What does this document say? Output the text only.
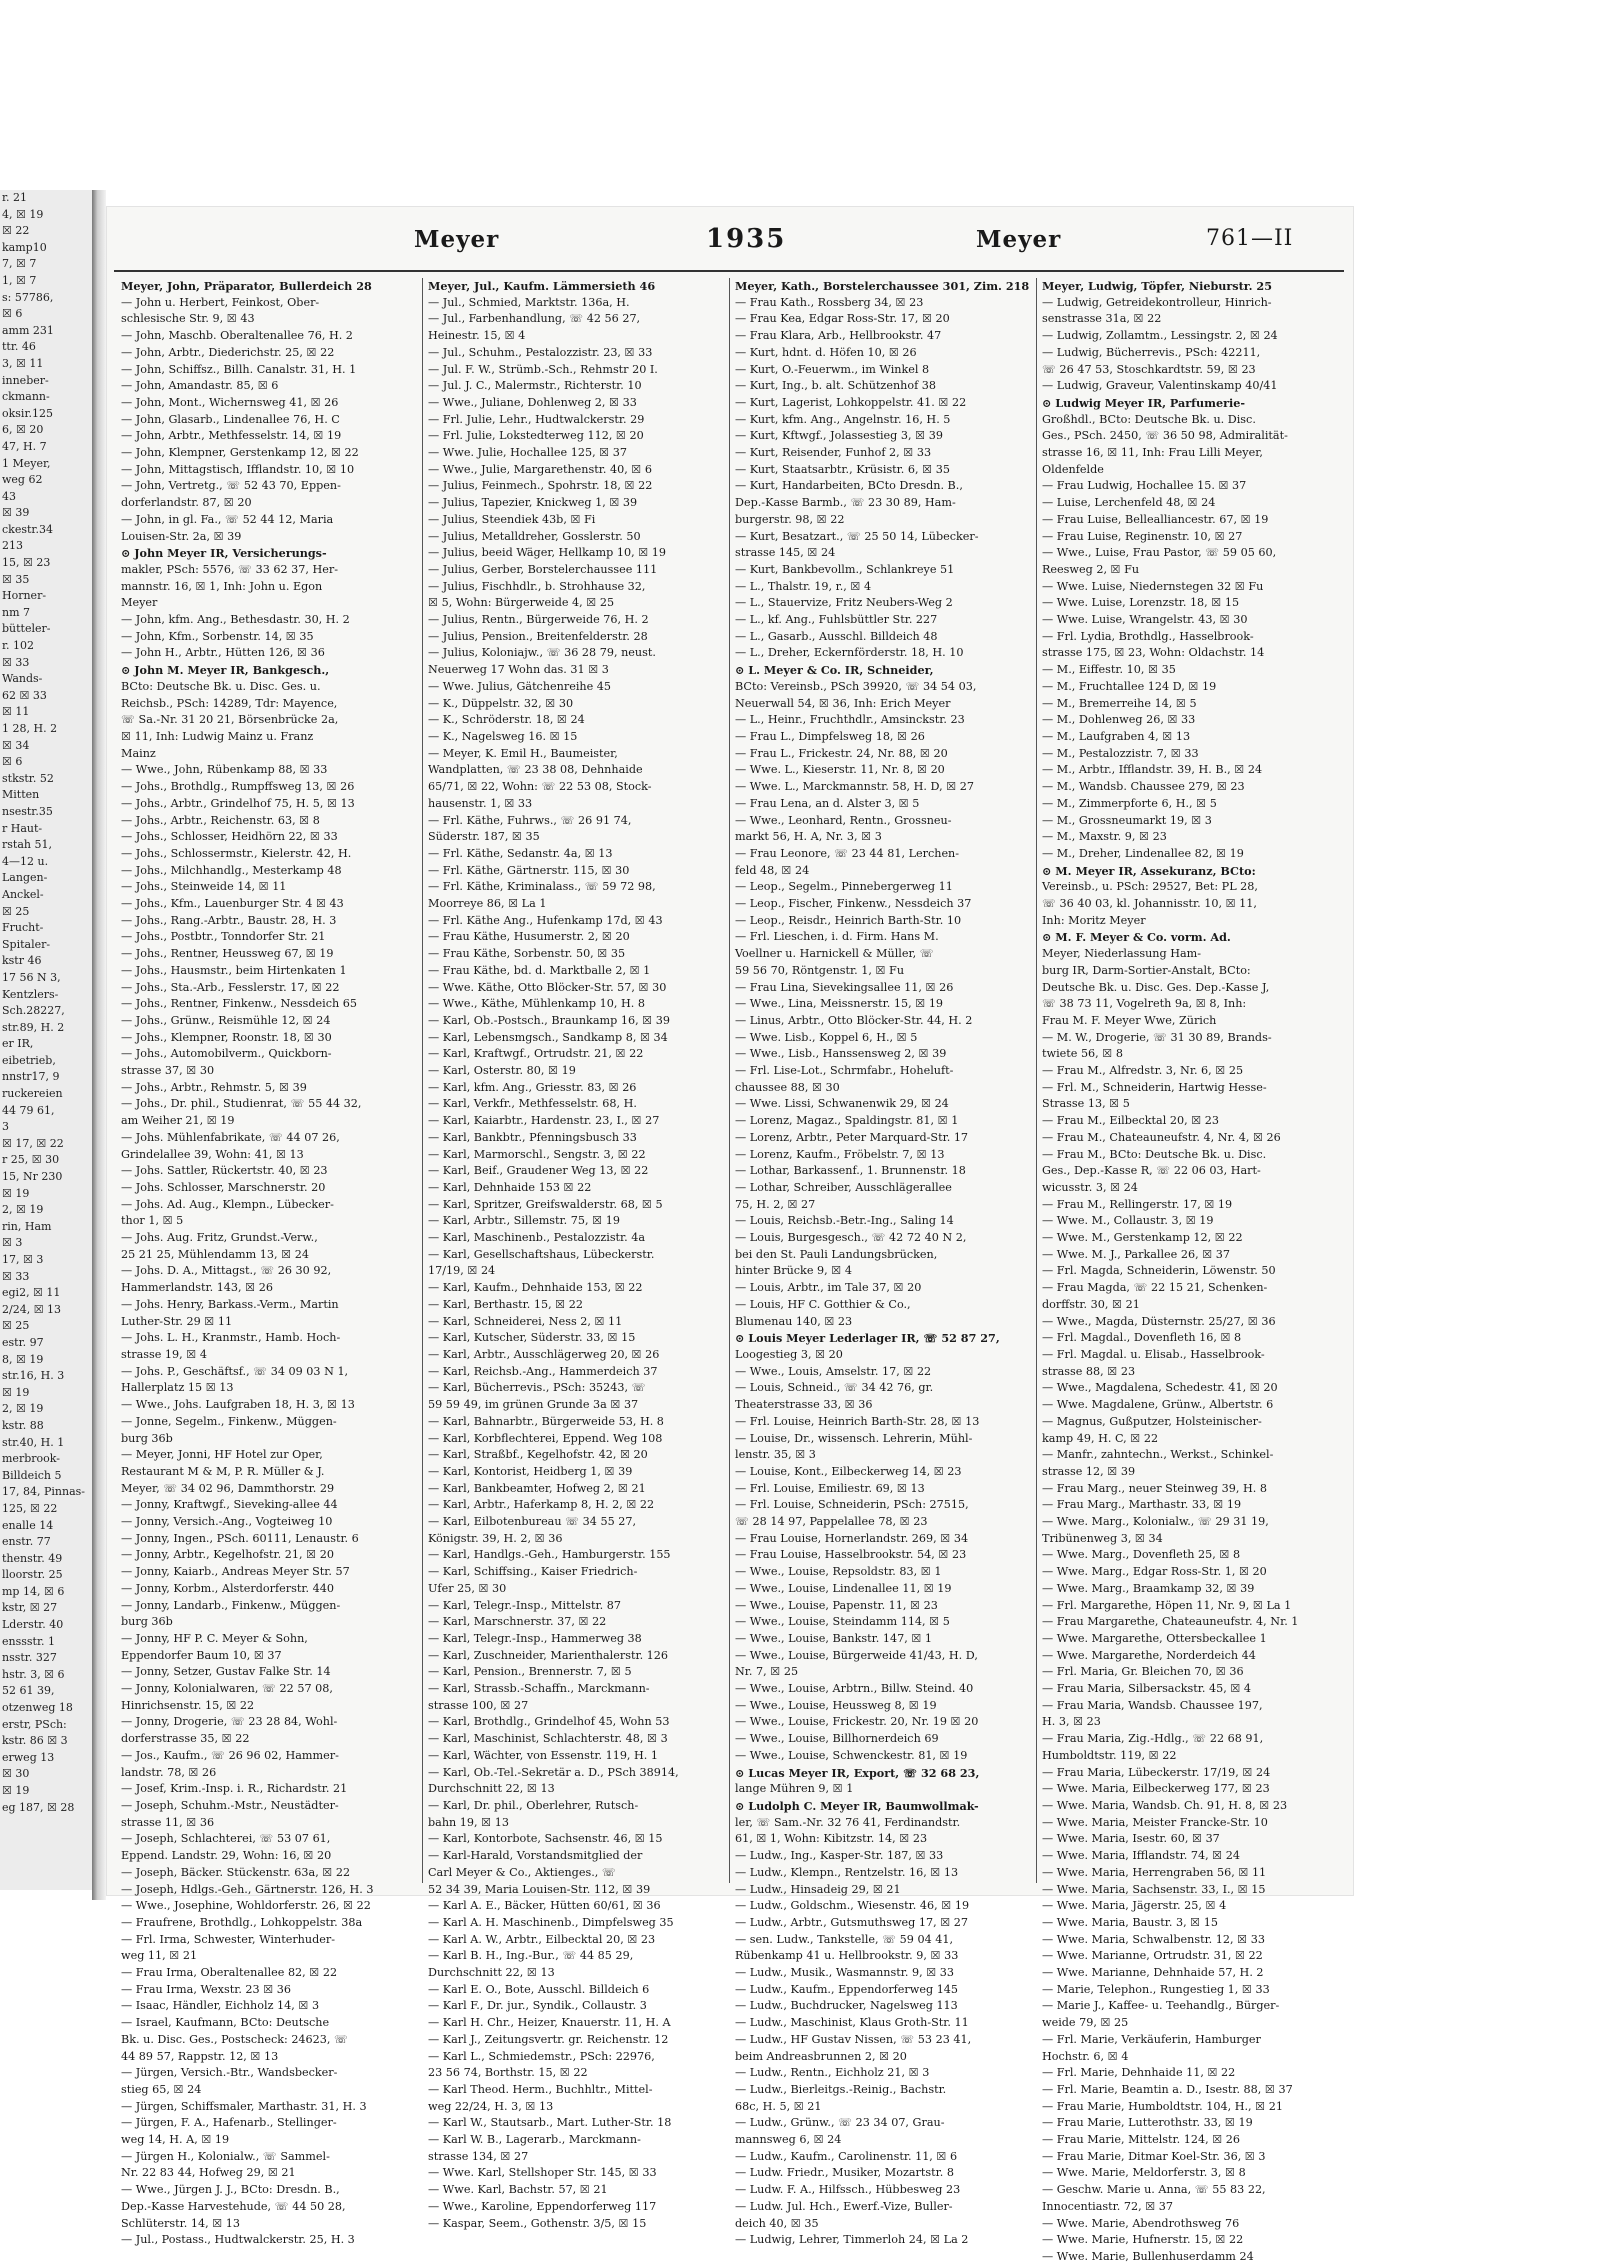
r. 21
4, ☒ 19
☒ 22
kamp10
7, ☒ 7
1, ☒ 7
s: 57786,
☒ 6
amm 231
ttr. 46
3, ☒ 11
inneber-
ckmann-
oksir.125
6, ☒ 20
47, H. 7
1 Meyer,
weg 62
43
☒ 39
ckestr.34
213
15, ☒ 23
☒ 35
Horner-
nm 7
bütteler-
r. 102
☒ 33
Wands-
62 ☒ 33
☒ 11
1 28, H. 2
☒ 34
☒ 6
stkstr. 52
Mitten
nsestr.35
r Haut-
rstah 51,
4—12 u.
Langen-
Anckel-
☒ 25
Frucht-
Spitaler-
kstr 46
17 56 N 3,
Kentzlers-
Sch.28227,
str.89, H. 2
er IR,
eibetrieb,
nnstr17, 9
ruckereien
44 79 61,
3
☒ 17, ☒ 22
r 25, ☒ 30
15, Nr 230
☒ 19
2, ☒ 19
rin, Ham
☒ 3
17, ☒ 3
☒ 33
egi2, ☒ 11
2/24, ☒ 13
☒ 25
estr. 97
8, ☒ 19
str.16, H. 3
☒ 19
2, ☒ 19
kstr. 88
str.40, H. 1
merbrook-
Billdeich 5
17, 84, Pinnas-
125, ☒ 22
enalle 14
enstr. 77
thenstr. 49
lloorstr. 25
mp 14, ☒ 6
kstr, ☒ 27
Lderstr. 40
enssstr. 1
nsstr. 327
hstr. 3, ☒ 6
52 61 39,
otzenweg 18
erstr, PSch:
kstr. 86 ☒ 3
erweg 13
☒ 30
☒ 19
eg 187, ☒ 28
Meyer	1935	Meyer	761—II
Meyer, John, Präparator, Bullerdeich 28
— John u. Herbert, Feinkost, Ober-
schlesische Str. 9, ☒ 43
— John, Maschb. Oberaltenallee 76, H. 2
— John, Arbtr., Diederichstr. 25, ☒ 22
— John, Schiffsz., Billh. Canalstr. 31, H. 1
— John, Amandastr. 85, ☒ 6
— John, Mont., Wichernsweg 41, ☒ 26
— John, Glasarb., Lindenallee 76, H. C
— John, Arbtr., Methfesselstr. 14, ☒ 19
— John, Klempner, Gerstenkamp 12, ☒ 22
— John, Mittagstisch, Ifflandstr. 10, ☒ 10
— John, Vertretg., ☏ 52 43 70, Eppen-
dorferlandstr. 87, ☒ 20
— John, in gl. Fa., ☏ 52 44 12, Maria
Louisen-Str. 2a, ☒ 39
⊙ John Meyer IR, Versicherungs-
makler, PSch: 5576, ☏ 33 62 37, Her-
mannstr. 16, ☒ 1, Inh: John u. Egon
Meyer
— John, kfm. Ang., Bethesdastr. 30, H. 2
— John, Kfm., Sorbenstr. 14, ☒ 35
— John H., Arbtr., Hütten 126, ☒ 36
⊙ John M. Meyer IR, Bankgesch.,
BCto: Deutsche Bk. u. Disc. Ges. u.
Reichsb., PSch: 14289, Tdr: Mayence,
☏ Sa.-Nr. 31 20 21, Börsenbrücke 2a,
☒ 11, Inh: Ludwig Mainz u. Franz
Mainz
— Wwe., John, Rübenkamp 88, ☒ 33
— Johs., Brothdlg., Rumpffsweg 13, ☒ 26
— Johs., Arbtr., Grindelhof 75, H. 5, ☒ 13
— Johs., Arbtr., Reichenstr. 63, ☒ 8
— Johs., Schlosser, Heidhörn 22, ☒ 33
— Johs., Schlossermstr., Kielerstr. 42, H.
— Johs., Milchhandlg., Mesterkamp 48
— Johs., Steinweide 14, ☒ 11
— Johs., Kfm., Lauenburger Str. 4 ☒ 43
— Johs., Rang.-Arbtr., Baustr. 28, H. 3
— Johs., Postbtr., Tonndorfer Str. 21
— Johs., Rentner, Heussweg 67, ☒ 19
— Johs., Hausmstr., beim Hirtenkaten 1
— Johs., Sta.-Arb., Fesslerstr. 17, ☒ 22
— Johs., Rentner, Finkenw., Nessdeich 65
— Johs., Grünw., Reismühle 12, ☒ 24
— Johs., Klempner, Roonstr. 18, ☒ 30
— Johs., Automobilverm., Quickborn-
strasse 37, ☒ 30
— Johs., Arbtr., Rehmstr. 5, ☒ 39
— Johs., Dr. phil., Studienrat, ☏ 55 44 32,
am Weiher 21, ☒ 19
— Johs. Mühlenfabrikate, ☏ 44 07 26,
Grindelallee 39, Wohn: 41, ☒ 13
— Johs. Sattler, Rückertstr. 40, ☒ 23
— Johs. Schlosser, Marschnerstr. 20
— Johs. Ad. Aug., Klempn., Lübecker-
thor 1, ☒ 5
— Johs. Aug. Fritz, Grundst.-Verw.,
25 21 25, Mühlendamm 13, ☒ 24
— Johs. D. A., Mittagst., ☏ 26 30 92,
Hammerlandstr. 143, ☒ 26
— Johs. Henry, Barkass.-Verm., Martin
Luther-Str. 29 ☒ 11
— Johs. L. H., Kranmstr., Hamb. Hoch-
strasse 19, ☒ 4
— Johs. P., Geschäftsf., ☏ 34 09 03 N 1,
Hallerplatz 15 ☒ 13
— Wwe., Johs. Laufgraben 18, H. 3, ☒ 13
— Jonne, Segelm., Finkenw., Müggen-
burg 36b
— Meyer, Jonni, HF Hotel zur Oper,
Restaurant M & M, P. R. Müller & J.
Meyer, ☏ 34 02 96, Dammthorstr. 29
— Jonny, Kraftwgf., Sieveking-allee 44
— Jonny, Versich.-Ang., Vogteiweg 10
— Jonny, Ingen., PSch. 60111, Lenaustr. 6
— Jonny, Arbtr., Kegelhofstr. 21, ☒ 20
— Jonny, Kaiarb., Andreas Meyer Str. 57
— Jonny, Korbm., Alsterdorferstr. 440
— Jonny, Landarb., Finkenw., Müggen-
burg 36b
— Jonny, HF P. C. Meyer & Sohn,
Eppendorfer Baum 10, ☒ 37
— Jonny, Setzer, Gustav Falke Str. 14
— Jonny, Kolonialwaren, ☏ 22 57 08,
Hinrichsenstr. 15, ☒ 22
— Jonny, Drogerie, ☏ 23 28 84, Wohl-
dorferstrasse 35, ☒ 22
— Jos., Kaufm., ☏ 26 96 02, Hammer-
landstr. 78, ☒ 26
— Josef, Krim.-Insp. i. R., Richardstr. 21
— Joseph, Schuhm.-Mstr., Neustädter-
strasse 11, ☒ 36
— Joseph, Schlachterei, ☏ 53 07 61,
Eppend. Landstr. 29, Wohn: 16, ☒ 20
— Joseph, Bäcker. Stückenstr. 63a, ☒ 22
— Joseph, Hdlgs.-Geh., Gärtnerstr. 126, H. 3
— Wwe., Josephine, Wohldorferstr. 26, ☒ 22
— Fraufrene, Brothdlg., Lohkoppelstr. 38a
— Frl. Irma, Schwester, Winterhuder-
weg 11, ☒ 21
— Frau Irma, Oberaltenallee 82, ☒ 22
— Frau Irma, Wexstr. 23 ☒ 36
— Isaac, Händler, Eichholz 14, ☒ 3
— Israel, Kaufmann, BCto: Deutsche
Bk. u. Disc. Ges., Postscheck: 24623, ☏
44 89 57, Rappstr. 12, ☒ 13
— Jürgen, Versich.-Btr., Wandsbecker-
stieg 65, ☒ 24
— Jürgen, Schiffsmaler, Marthastr. 31, H. 3
— Jürgen, F. A., Hafenarb., Stellinger-
weg 14, H. A, ☒ 19
— Jürgen H., Kolonialw., ☏ Sammel-
Nr. 22 83 44, Hofweg 29, ☒ 21
— Wwe., Jürgen J. J., BCto: Dresdn. B.,
Dep.-Kasse Harvestehude, ☏ 44 50 28,
Schlüterstr. 14, ☒ 13
— Jul., Postass., Hudtwalckerstr. 25, H. 3
Meyer, Jul., Kaufm. Lämmersieth 46
— Jul., Schmied, Marktstr. 136a, H.
— Jul., Farbenhandlung, ☏ 42 56 27,
Heinestr. 15, ☒ 4
— Jul., Schuhm., Pestalozzistr. 23, ☒ 33
— Jul. F. W., Strümb.-Sch., Rehmstr 20 I.
— Jul. J. C., Malermstr., Richterstr. 10
— Wwe., Juliane, Dohlenweg 2, ☒ 33
— Frl. Julie, Lehr., Hudtwalckerstr. 29
— Frl. Julie, Lokstedterweg 112, ☒ 20
— Wwe. Julie, Hochallee 125, ☒ 37
— Wwe., Julie, Margarethenstr. 40, ☒ 6
— Julius, Feinmech., Spohrstr. 18, ☒ 22
— Julius, Tapezier, Knickweg 1, ☒ 39
— Julius, Steendiek 43b, ☒ Fi
— Julius, Metalldreher, Gosslerstr. 50
— Julius, beeid Wäger, Hellkamp 10, ☒ 19
— Julius, Gerber, Borstelerchaussee 111
— Julius, Fischhdlr., b. Strohhause 32,
☒ 5, Wohn: Bürgerweide 4, ☒ 25
— Julius, Rentn., Bürgerweide 76, H. 2
— Julius, Pension., Breitenfelderstr. 28
— Julius, Koloniajw., ☏ 36 28 79, neust.
Neuerweg 17 Wohn das. 31 ☒ 3
— Wwe. Julius, Gätchenreihe 45
— K., Düppelstr. 32, ☒ 30
— K., Schröderstr. 18, ☒ 24
— K., Nagelsweg 16. ☒ 15
— Meyer, K. Emil H., Baumeister,
Wandplatten, ☏ 23 38 08, Dehnhaide
65/71, ☒ 22, Wohn: ☏ 22 53 08, Stock-
hausenstr. 1, ☒ 33
— Frl. Käthe, Fuhrws., ☏ 26 91 74,
Süderstr. 187, ☒ 35
— Frl. Käthe, Sedanstr. 4a, ☒ 13
— Frl. Käthe, Gärtnerstr. 115, ☒ 30
— Frl. Käthe, Kriminalass., ☏ 59 72 98,
Moorreye 86, ☒ La 1
— Frl. Käthe Ang., Hufenkamp 17d, ☒ 43
— Frau Käthe, Husumerstr. 2, ☒ 20
— Frau Käthe, Sorbenstr. 50, ☒ 35
— Frau Käthe, bd. d. Marktballe 2, ☒ 1
— Wwe. Käthe, Otto Blöcker-Str. 57, ☒ 30
— Wwe., Käthe, Mühlenkamp 10, H. 8
— Karl, Ob.-Postsch., Braunkamp 16, ☒ 39
— Karl, Lebensmgsch., Sandkamp 8, ☒ 34
— Karl, Kraftwgf., Ortrudstr. 21, ☒ 22
— Karl, Osterstr. 80, ☒ 19
— Karl, kfm. Ang., Griesstr. 83, ☒ 26
— Karl, Verkfr., Methfesselstr. 68, H.
— Karl, Kaiarbtr., Hardenstr. 23, I., ☒ 27
— Karl, Bankbtr., Pfenningsbusch 33
— Karl, Marmorschl., Sengstr. 3, ☒ 22
— Karl, Beif., Graudener Weg 13, ☒ 22
— Karl, Dehnhaide 153 ☒ 22
— Karl, Spritzer, Greifswalderstr. 68, ☒ 5
— Karl, Arbtr., Sillemstr. 75, ☒ 19
— Karl, Maschinenb., Pestalozzistr. 4a
— Karl, Gesellschaftshaus, Lübeckerstr.
17/19, ☒ 24
— Karl, Kaufm., Dehnhaide 153, ☒ 22
— Karl, Berthastr. 15, ☒ 22
— Karl, Schneiderei, Ness 2, ☒ 11
— Karl, Kutscher, Süderstr. 33, ☒ 15
— Karl, Arbtr., Ausschlägerweg 20, ☒ 26
— Karl, Reichsb.-Ang., Hammerdeich 37
— Karl, Bücherrevis., PSch: 35243, ☏
59 59 49, im grünen Grunde 3a ☒ 37
— Karl, Bahnarbtr., Bürgerweide 53, H. 8
— Karl, Korbflechterei, Eppend. Weg 108
— Karl, Straßbf., Kegelhofstr. 42, ☒ 20
— Karl, Kontorist, Heidberg 1, ☒ 39
— Karl, Bankbeamter, Hofweg 2, ☒ 21
— Karl, Arbtr., Haferkamp 8, H. 2, ☒ 22
— Karl, Eilbotenbureau ☏ 34 55 27,
Königstr. 39, H. 2, ☒ 36
— Karl, Handlgs.-Geh., Hamburgerstr. 155
— Karl, Schiffsing., Kaiser Friedrich-
Ufer 25, ☒ 30
— Karl, Telegr.-Insp., Mittelstr. 87
— Karl, Marschnerstr. 37, ☒ 22
— Karl, Telegr.-Insp., Hammerweg 38
— Karl, Zuschneider, Marienthalerstr. 126
— Karl, Pension., Brennerstr. 7, ☒ 5
— Karl, Strassb.-Schaffn., Marckmann-
strasse 100, ☒ 27
— Karl, Brothdlg., Grindelhof 45, Wohn 53
— Karl, Maschinist, Schlachterstr. 48, ☒ 3
— Karl, Wächter, von Essenstr. 119, H. 1
— Karl, Ob.-Tel.-Sekretär a. D., PSch 38914,
Durchschnitt 22, ☒ 13
— Karl, Dr. phil., Oberlehrer, Rutsch-
bahn 19, ☒ 13
— Karl, Kontorbote, Sachsenstr. 46, ☒ 15
— Karl-Harald, Vorstandsmitglied der
Carl Meyer & Co., Aktienges., ☏
52 34 39, Maria Louisen-Str. 112, ☒ 39
— Karl A. E., Bäcker, Hütten 60/61, ☒ 36
— Karl A. H. Maschinenb., Dimpfelsweg 35
— Karl A. W., Arbtr., Eilbecktal 20, ☒ 23
— Karl B. H., Ing.-Bur., ☏ 44 85 29,
Durchschnitt 22, ☒ 13
— Karl E. O., Bote, Ausschl. Billdeich 6
— Karl F., Dr. jur., Syndik., Collaustr. 3
— Karl H. Chr., Heizer, Knauerstr. 11, H. A
— Karl J., Zeitungsvertr. gr. Reichenstr. 12
— Karl L., Schmiedemstr., PSch: 22976,
23 56 74, Borthstr. 15, ☒ 22
— Karl Theod. Herm., Buchhltr., Mittel-
weg 22/24, H. 3, ☒ 13
— Karl W., Stautsarb., Mart. Luther-Str. 18
— Karl W. B., Lagerarb., Marckmann-
strasse 134, ☒ 27
— Wwe. Karl, Stellshoper Str. 145, ☒ 33
— Wwe. Karl, Bachstr. 57, ☒ 21
— Wwe., Karoline, Eppendorferweg 117
— Kaspar, Seem., Gothenstr. 3/5, ☒ 15
Meyer, Kath., Borstelerchaussee 301, Zim. 218
— Frau Kath., Rossberg 34, ☒ 23
— Frau Kea, Edgar Ross-Str. 17, ☒ 20
— Frau Klara, Arb., Hellbrookstr. 47
— Kurt, hdnt. d. Höfen 10, ☒ 26
— Kurt, O.-Feuerwm., im Winkel 8
— Kurt, Ing., b. alt. Schützenhof 38
— Kurt, Lagerist, Lohkoppelstr. 41. ☒ 22
— Kurt, kfm. Ang., Angelnstr. 16, H. 5
— Kurt, Kftwgf., Jolassestieg 3, ☒ 39
— Kurt, Reisender, Funhof 2, ☒ 33
— Kurt, Staatsarbtr., Krüsistr. 6, ☒ 35
— Kurt, Handarbeiten, BCto Dresdn. B.,
Dep.-Kasse Barmb., ☏ 23 30 89, Ham-
burgerstr. 98, ☒ 22
— Kurt, Besatzart., ☏ 25 50 14, Lübecker-
strasse 145, ☒ 24
— Kurt, Bankbevollm., Schlankreye 51
— L., Thalstr. 19, r., ☒ 4
— L., Stauervize, Fritz Neubers-Weg 2
— L., kf. Ang., Fuhlsbüttler Str. 227
— L., Gasarb., Ausschl. Billdeich 48
— L., Dreher, Eckernförderstr. 18, H. 10
⊙ L. Meyer & Co. IR, Schneider,
BCto: Vereinsb., PSch 39920, ☏ 34 54 03,
Neuerwall 54, ☒ 36, Inh: Erich Meyer
— L., Heinr., Fruchthdlr., Amsinckstr. 23
— Frau L., Dimpfelsweg 18, ☒ 26
— Frau L., Frickestr. 24, Nr. 88, ☒ 20
— Wwe. L., Kieserstr. 11, Nr. 8, ☒ 20
— Wwe. L., Marckmannstr. 58, H. D, ☒ 27
— Frau Lena, an d. Alster 3, ☒ 5
— Wwe., Leonhard, Rentn., Grossneu-
markt 56, H. A, Nr. 3, ☒ 3
— Frau Leonore, ☏ 23 44 81, Lerchen-
feld 48, ☒ 24
— Leop., Segelm., Pinnebergerweg 11
— Leop., Fischer, Finkenw., Nessdeich 37
— Leop., Reisdr., Heinrich Barth-Str. 10
— Frl. Lieschen, i. d. Firm. Hans M.
Voellner u. Harnickell & Müller, ☏
59 56 70, Röntgenstr. 1, ☒ Fu
— Frau Lina, Sievekingsallee 11, ☒ 26
— Wwe., Lina, Meissnerstr. 15, ☒ 19
— Linus, Arbtr., Otto Blöcker-Str. 44, H. 2
— Wwe. Lisb., Koppel 6, H., ☒ 5
— Wwe., Lisb., Hanssensweg 2, ☒ 39
— Frl. Lise-Lot., Schrmfabr., Hoheluft-
chaussee 88, ☒ 30
— Wwe. Lissi, Schwanenwik 29, ☒ 24
— Lorenz, Magaz., Spaldingstr. 81, ☒ 1
— Lorenz, Arbtr., Peter Marquard-Str. 17
— Lorenz, Kaufm., Fröbelstr. 7, ☒ 13
— Lothar, Barkassenf., 1. Brunnenstr. 18
— Lothar, Schreiber, Ausschlägerallee
75, H. 2, ☒ 27
— Louis, Reichsb.-Betr.-Ing., Saling 14
— Louis, Burgesgesch., ☏ 42 72 40 N 2,
bei den St. Pauli Landungsbrücken,
hinter Brücke 9, ☒ 4
— Louis, Arbtr., im Tale 37, ☒ 20
— Louis, HF C. Gotthier & Co.,
Blumenau 140, ☒ 23
⊙ Louis Meyer Lederlager IR, ☏ 52 87 27,
Loogestieg 3, ☒ 20
— Wwe., Louis, Amselstr. 17, ☒ 22
— Louis, Schneid., ☏ 34 42 76, gr.
Theaterstrasse 33, ☒ 36
— Frl. Louise, Heinrich Barth-Str. 28, ☒ 13
— Louise, Dr., wissensch. Lehrerin, Mühl-
lenstr. 35, ☒ 3
— Louise, Kont., Eilbeckerweg 14, ☒ 23
— Frl. Louise, Emiliestr. 69, ☒ 13
— Frl. Louise, Schneiderin, PSch: 27515,
☏ 28 14 97, Pappelallee 78, ☒ 23
— Frau Louise, Hornerlandstr. 269, ☒ 34
— Frau Louise, Hasselbrookstr. 54, ☒ 23
— Wwe., Louise, Repsoldstr. 83, ☒ 1
— Wwe., Louise, Lindenallee 11, ☒ 19
— Wwe., Louise, Papenstr. 11, ☒ 23
— Wwe., Louise, Steindamm 114, ☒ 5
— Wwe., Louise, Bankstr. 147, ☒ 1
— Wwe., Louise, Bürgerweide 41/43, H. D,
Nr. 7, ☒ 25
— Wwe., Louise, Arbtrn., Billw. Steind. 40
— Wwe., Louise, Heussweg 8, ☒ 19
— Wwe., Louise, Frickestr. 20, Nr. 19 ☒ 20
— Wwe., Louise, Billhornerdeich 69
— Wwe., Louise, Schwenckestr. 81, ☒ 19
⊙ Lucas Meyer IR, Export, ☏ 32 68 23,
lange Mühren 9, ☒ 1
⊙ Ludolph C. Meyer IR, Baumwollmak-
ler, ☏ Sam.-Nr. 32 76 41, Ferdinandstr.
61, ☒ 1, Wohn: Kibitzstr. 14, ☒ 23
— Ludw., Ing., Kasper-Str. 187, ☒ 33
— Ludw., Klempn., Rentzelstr. 16, ☒ 13
— Ludw., Hinsadeig 29, ☒ 21
— Ludw., Goldschm., Wiesenstr. 46, ☒ 19
— Ludw., Arbtr., Gutsmuthsweg 17, ☒ 27
— sen. Ludw., Tankstelle, ☏ 59 04 41,
Rübenkamp 41 u. Hellbrookstr. 9, ☒ 33
— Ludw., Musik., Wasmannstr. 9, ☒ 33
— Ludw., Kaufm., Eppendorferweg 145
— Ludw., Buchdrucker, Nagelsweg 113
— Ludw., Maschinist, Klaus Groth-Str. 11
— Ludw., HF Gustav Nissen, ☏ 53 23 41,
beim Andreasbrunnen 2, ☒ 20
— Ludw., Rentn., Eichholz 21, ☒ 3
— Ludw., Bierleitgs.-Reinig., Bachstr.
68c, H. 5, ☒ 21
— Ludw., Grünw., ☏ 23 34 07, Grau-
mannsweg 6, ☒ 24
— Ludw., Kaufm., Carolinenstr. 11, ☒ 6
— Ludw. Friedr., Musiker, Mozartstr. 8
— Ludw. F. A., Hilfssch., Hübbesweg 23
— Ludw. Jul. Hch., Ewerf.-Vize, Buller-
deich 40, ☒ 35
— Ludwig, Lehrer, Timmerloh 24, ☒ La 2
Meyer, Ludwig, Töpfer, Nieburstr. 25
— Ludwig, Getreidekontrolleur, Hinrich-
senstrasse 31a, ☒ 22
— Ludwig, Zollamtm., Lessingstr. 2, ☒ 24
— Ludwig, Bücherrevis., PSch: 42211,
☏ 26 47 53, Stoschkardtstr. 59, ☒ 23
— Ludwig, Graveur, Valentinskamp 40/41
⊙ Ludwig Meyer IR, Parfumerie-
Großhdl., BCto: Deutsche Bk. u. Disc.
Ges., PSch. 2450, ☏ 36 50 98, Admiralität-
strasse 16, ☒ 11, Inh: Frau Lilli Meyer,
Oldenfelde
— Frau Ludwig, Hochallee 15. ☒ 37
— Luise, Lerchenfeld 48, ☒ 24
— Frau Luise, Bellealliancestr. 67, ☒ 19
— Frau Luise, Reginenstr. 10, ☒ 27
— Wwe., Luise, Frau Pastor, ☏ 59 05 60,
Reesweg 2, ☒ Fu
— Wwe. Luise, Niedernstegen 32 ☒ Fu
— Wwe. Luise, Lorenzstr. 18, ☒ 15
— Wwe. Luise, Wrangelstr. 43, ☒ 30
— Frl. Lydia, Brothdlg., Hasselbrook-
strasse 175, ☒ 23, Wohn: Oldachstr. 14
— M., Eiffestr. 10, ☒ 35
— M., Fruchtallee 124 D, ☒ 19
— M., Bremerreihe 14, ☒ 5
— M., Dohlenweg 26, ☒ 33
— M., Laufgraben 4, ☒ 13
— M., Pestalozzistr. 7, ☒ 33
— M., Arbtr., Ifflandstr. 39, H. B., ☒ 24
— M., Wandsb. Chaussee 279, ☒ 23
— M., Zimmerpforte 6, H., ☒ 5
— M., Grossneumarkt 19, ☒ 3
— M., Maxstr. 9, ☒ 23
— M., Dreher, Lindenallee 82, ☒ 19
⊙ M. Meyer IR, Assekuranz, BCto:
Vereinsb., u. PSch: 29527, Bet: PL 28,
☏ 36 40 03, kl. Johannisstr. 10, ☒ 11,
Inh: Moritz Meyer
⊙ M. F. Meyer & Co. vorm. Ad.
Meyer, Niederlassung Ham-
burg IR, Darm-Sortier-Anstalt, BCto:
Deutsche Bk. u. Disc. Ges. Dep.-Kasse J,
☏ 38 73 11, Vogelreth 9a, ☒ 8, Inh:
Frau M. F. Meyer Wwe, Zürich
— M. W., Drogerie, ☏ 31 30 89, Brands-
twiete 56, ☒ 8
— Frau M., Alfredstr. 3, Nr. 6, ☒ 25
— Frl. M., Schneiderin, Hartwig Hesse-
Strasse 13, ☒ 5
— Frau M., Eilbecktal 20, ☒ 23
— Frau M., Chateauneufstr. 4, Nr. 4, ☒ 26
— Frau M., BCto: Deutsche Bk. u. Disc.
Ges., Dep.-Kasse R, ☏ 22 06 03, Hart-
wicusstr. 3, ☒ 24
— Frau M., Rellingerstr. 17, ☒ 19
— Wwe. M., Collaustr. 3, ☒ 19
— Wwe. M., Gerstenkamp 12, ☒ 22
— Wwe. M. J., Parkallee 26, ☒ 37
— Frl. Magda, Schneiderin, Löwenstr. 50
— Frau Magda, ☏ 22 15 21, Schenken-
dorffstr. 30, ☒ 21
— Wwe., Magda, Düsternstr. 25/27, ☒ 36
— Frl. Magdal., Dovenfleth 16, ☒ 8
— Frl. Magdal. u. Elisab., Hasselbrook-
strasse 88, ☒ 23
— Wwe., Magdalena, Schedestr. 41, ☒ 20
— Wwe. Magdalene, Grünw., Albertstr. 6
— Magnus, Gußputzer, Holsteinischer-
kamp 49, H. C, ☒ 22
— Manfr., zahntechn., Werkst., Schinkel-
strasse 12, ☒ 39
— Frau Marg., neuer Steinweg 39, H. 8
— Frau Marg., Marthastr. 33, ☒ 19
— Wwe. Marg., Kolonialw., ☏ 29 31 19,
Tribünenweg 3, ☒ 34
— Wwe. Marg., Dovenfleth 25, ☒ 8
— Wwe. Marg., Edgar Ross-Str. 1, ☒ 20
— Wwe. Marg., Braamkamp 32, ☒ 39
— Frl. Margarethe, Höpen 11, Nr. 9, ☒ La 1
— Frau Margarethe, Chateauneufstr. 4, Nr. 1
— Wwe. Margarethe, Ottersbeckallee 1
— Wwe. Margarethe, Norderdeich 44
— Frl. Maria, Gr. Bleichen 70, ☒ 36
— Frau Maria, Silbersackstr. 45, ☒ 4
— Frau Maria, Wandsb. Chaussee 197,
H. 3, ☒ 23
— Frau Maria, Zig.-Hdlg., ☏ 22 68 91,
Humboldtstr. 119, ☒ 22
— Frau Maria, Lübeckerstr. 17/19, ☒ 24
— Wwe. Maria, Eilbeckerweg 177, ☒ 23
— Wwe. Maria, Wandsb. Ch. 91, H. 8, ☒ 23
— Wwe. Maria, Meister Francke-Str. 10
— Wwe. Maria, Isestr. 60, ☒ 37
— Wwe. Maria, Ifflandstr. 74, ☒ 24
— Wwe. Maria, Herrengraben 56, ☒ 11
— Wwe. Maria, Sachsenstr. 33, I., ☒ 15
— Wwe. Maria, Jägerstr. 25, ☒ 4
— Wwe. Maria, Baustr. 3, ☒ 15
— Wwe. Maria, Schwalbenstr. 12, ☒ 33
— Wwe. Marianne, Ortrudstr. 31, ☒ 22
— Wwe. Marianne, Dehnhaide 57, H. 2
— Marie, Telephon., Rungestieg 1, ☒ 33
— Marie J., Kaffee- u. Teehandlg., Bürger-
weide 79, ☒ 25
— Frl. Marie, Verkäuferin, Hamburger
Hochstr. 6, ☒ 4
— Frl. Marie, Dehnhaide 11, ☒ 22
— Frl. Marie, Beamtin a. D., Isestr. 88, ☒ 37
— Frau Marie, Humboldtstr. 104, H., ☒ 21
— Frau Marie, Lutterothstr. 33, ☒ 19
— Frau Marie, Mittelstr. 124, ☒ 26
— Frau Marie, Ditmar Koel-Str. 36, ☒ 3
— Wwe. Marie, Meldorferstr. 3, ☒ 8
— Geschw. Marie u. Anna, ☏ 55 83 22,
Innocentiastr. 72, ☒ 37
— Wwe. Marie, Abendrothsweg 76
— Wwe. Marie, Hufnerstr. 15, ☒ 22
— Wwe. Marie, Bullenhuserdamm 24
